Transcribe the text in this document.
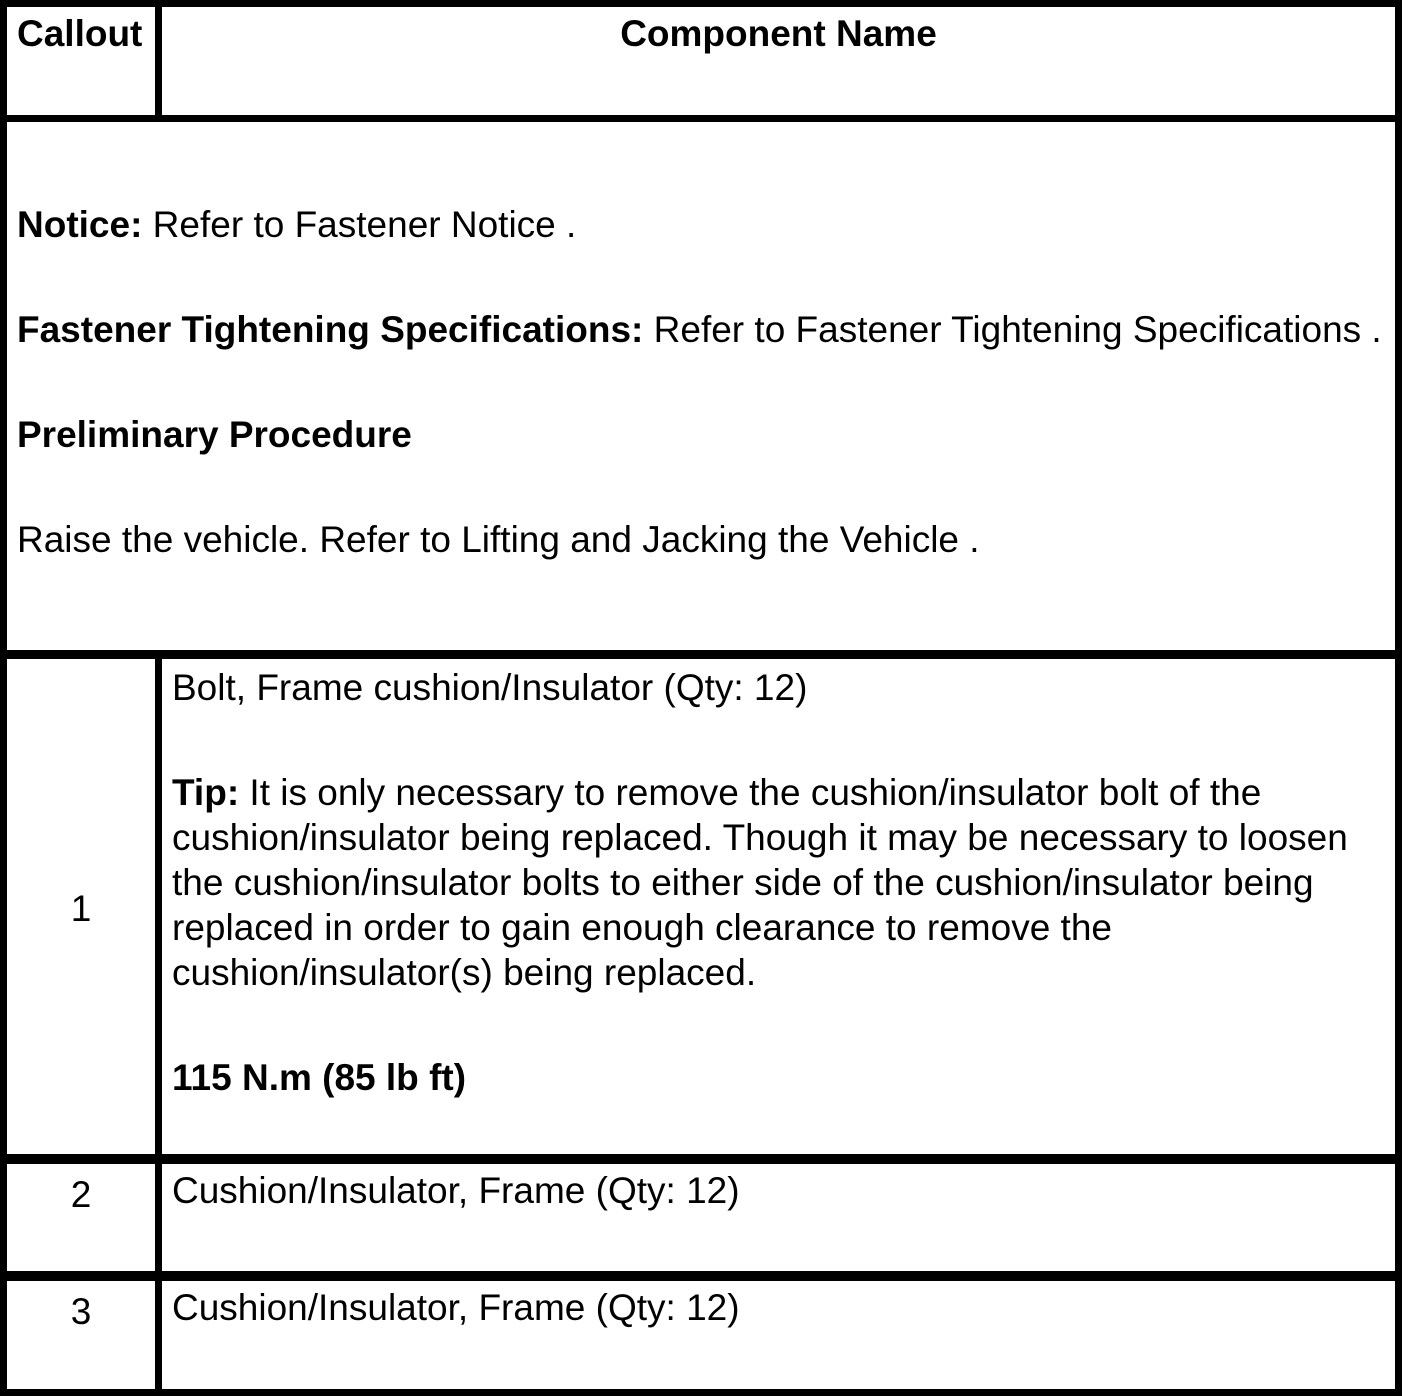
Callout	Component Name

Notice: Refer to Fastener Notice .

Fastener Tightening Specifications: Refer to Fastener Tightening Specifications .

Preliminary Procedure

Raise the vehicle. Refer to Lifting and Jacking the Vehicle .	

1	Bolt, Frame cushion/Insulator (Qty: 12)

Tip: It is only necessary to remove the cushion/insulator bolt of the cushion/insulator being replaced. Though it may be necessary to loosen the cushion/insulator bolts to either side of the cushion/insulator being replaced in order to gain enough clearance to remove the cushion/insulator(s) being replaced.

115 N.m (85 lb ft)

2	Cushion/Insulator, Frame (Qty: 12)

3	Cushion/Insulator, Frame (Qty: 12)
